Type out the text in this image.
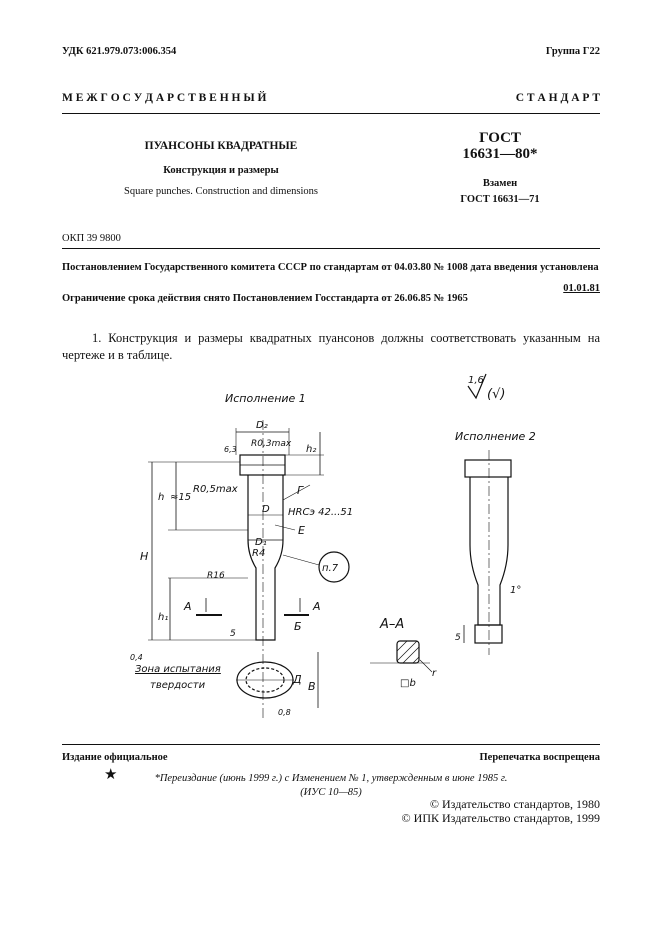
УДК 621.979.073:006.354	Группа Г22
М Е Ж Г О С У Д А Р С Т В Е Н Н Ы Й	С Т А Н Д А Р Т
ПУАНСОНЫ КВАДРАТНЫЕ
Конструкция и размеры
Square punches. Construction and dimensions
ГОСТ
16631—80*
Взамен
ГОСТ 16631—71
ОКП 39 9800
Постановлением Государственного комитета СССР по стандартам от 04.03.80 № 1008 дата введения установлена
01.01.81
Ограничение срока действия снято Постановлением Госстандарта от 26.06.85 № 1965
1. Конструкция и размеры квадратных пуансонов должны соответствовать указанным на чертеже и в таблице.
Исполнение 1
1,6
(√)
D₂
R0,3max
6,3	h₂
R0,5max
≈15
h
H
h₁
D
D₁
R4
R16
Г
HRCэ 42...51
Е
п.7
А	А
5
Б
Зона испытания
твердости	Д
В
0,8
0,4
А–А
□b
r
Исполнение 2
1°
5
Издание официальное	Перепечатка воспрещена
★	*Переиздание (июнь 1999 г.) с Изменением № 1, утвержденным в июне 1985 г.
(ИУС 10—85)
© Издательство стандартов, 1980
© ИПК Издательство стандартов, 1999
